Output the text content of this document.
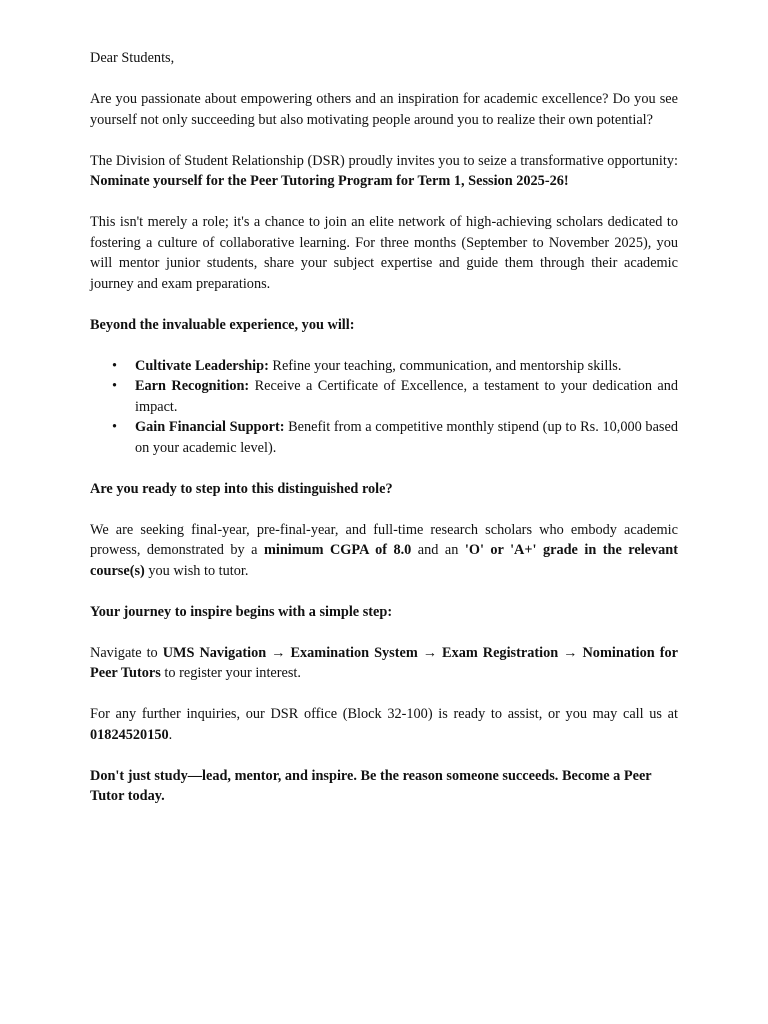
Dear Students,

Are you passionate about empowering others and an inspiration for academic excellence? Do you see yourself not only succeeding but also motivating people around you to realize their own potential?

The Division of Student Relationship (DSR) proudly invites you to seize a transformative opportunity: Nominate yourself for the Peer Tutoring Program for Term 1, Session 2025-26!

This isn't merely a role; it's a chance to join an elite network of high-achieving scholars dedicated to fostering a culture of collaborative learning. For three months (September to November 2025), you will mentor junior students, share your subject expertise and guide them through their academic journey and exam preparations.

Beyond the invaluable experience, you will:

• Cultivate Leadership: Refine your teaching, communication, and mentorship skills.
• Earn Recognition: Receive a Certificate of Excellence, a testament to your dedication and impact.
• Gain Financial Support: Benefit from a competitive monthly stipend (up to Rs. 10,000 based on your academic level).

Are you ready to step into this distinguished role?

We are seeking final-year, pre-final-year, and full-time research scholars who embody academic prowess, demonstrated by a minimum CGPA of 8.0 and an 'O' or 'A+' grade in the relevant course(s) you wish to tutor.

Your journey to inspire begins with a simple step:

Navigate to UMS Navigation → Examination System → Exam Registration → Nomination for Peer Tutors to register your interest.

For any further inquiries, our DSR office (Block 32-100) is ready to assist, or you may call us at 01824520150.

Don't just study—lead, mentor, and inspire. Be the reason someone succeeds. Become a Peer Tutor today.
